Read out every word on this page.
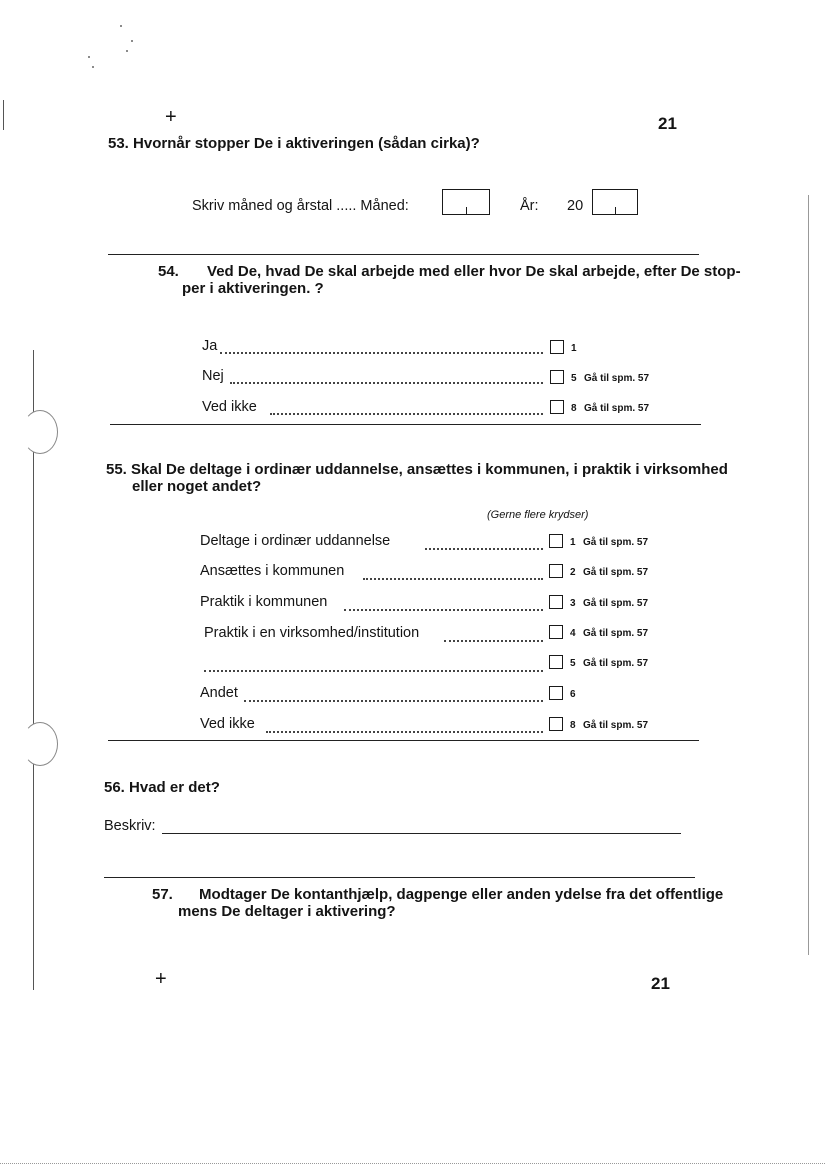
+	21
53. Hvornår stopper De i aktiveringen (sådan cirka)?
Skriv måned og årstal ..... Måned:	År: 20
54. Ved De, hvad De skal arbejde med eller hvor De skal arbejde, efter De stop-
per i aktiveringen. ?
Ja	1
Nej	5 Gå til spm. 57
Ved ikke	8 Gå til spm. 57
55. Skal De deltage i ordinær uddannelse, ansættes i kommunen, i praktik i virksomhed
eller noget andet?
(Gerne flere krydser)
Deltage i ordinær uddannelse	1 Gå til spm. 57
Ansættes i kommunen	2 Gå til spm. 57
Praktik i kommunen	3 Gå til spm. 57
Praktik i en virksomhed/institution	4 Gå til spm. 57
5 Gå til spm. 57
Andet	6
Ved ikke	8 Gå til spm. 57
56. Hvad er det?
Beskriv:
57. Modtager De kontanthjælp, dagpenge eller anden ydelse fra det offentlige
mens De deltager i aktivering?
+	21
